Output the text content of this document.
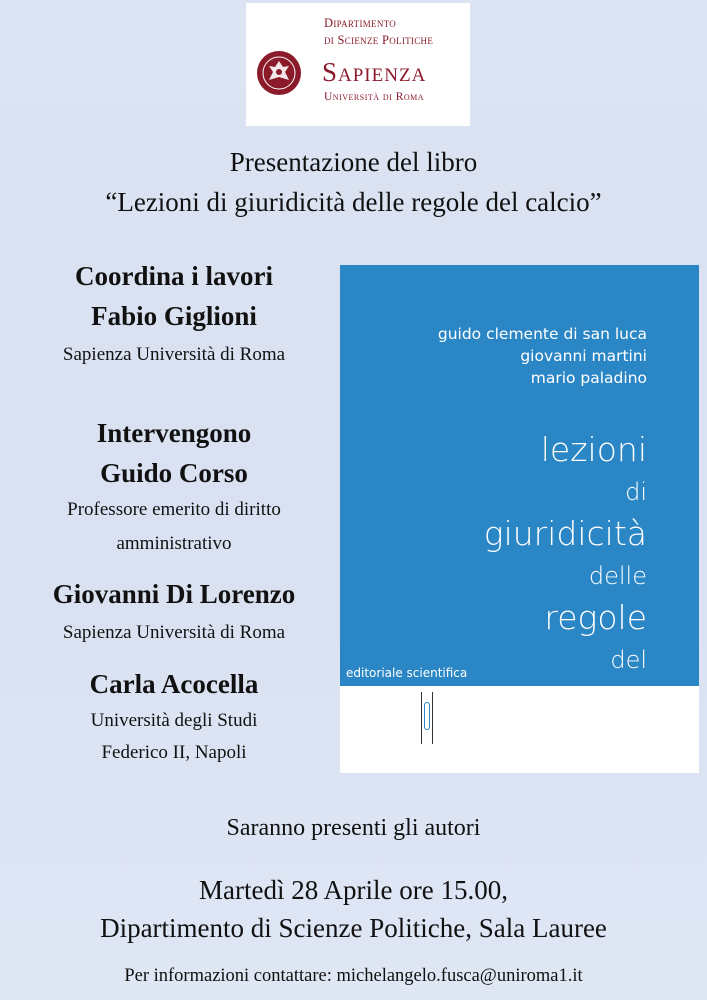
Dipartimento
di Scienze Politiche
Sapienza
Università di Roma
Presentazione del libro
“Lezioni di giuridicità delle regole del calcio”
Coordina i lavori
Fabio Giglioni
Sapienza Università di Roma
Intervengono
Guido Corso
Professore emerito di diritto
amministrativo
Giovanni Di Lorenzo
Sapienza Università di Roma
Carla Acocella
Università degli Studi
Federico II, Napoli
guido clemente di san luca
giovanni martini
mario paladino
lezioni
di
giuridicità
delle
regole
del
calcio
editoriale scientifica
Saranno presenti gli autori
Martedì 28 Aprile ore 15.00,
Dipartimento di Scienze Politiche, Sala Lauree
Per informazioni contattare: michelangelo.fusca@uniroma1.it
